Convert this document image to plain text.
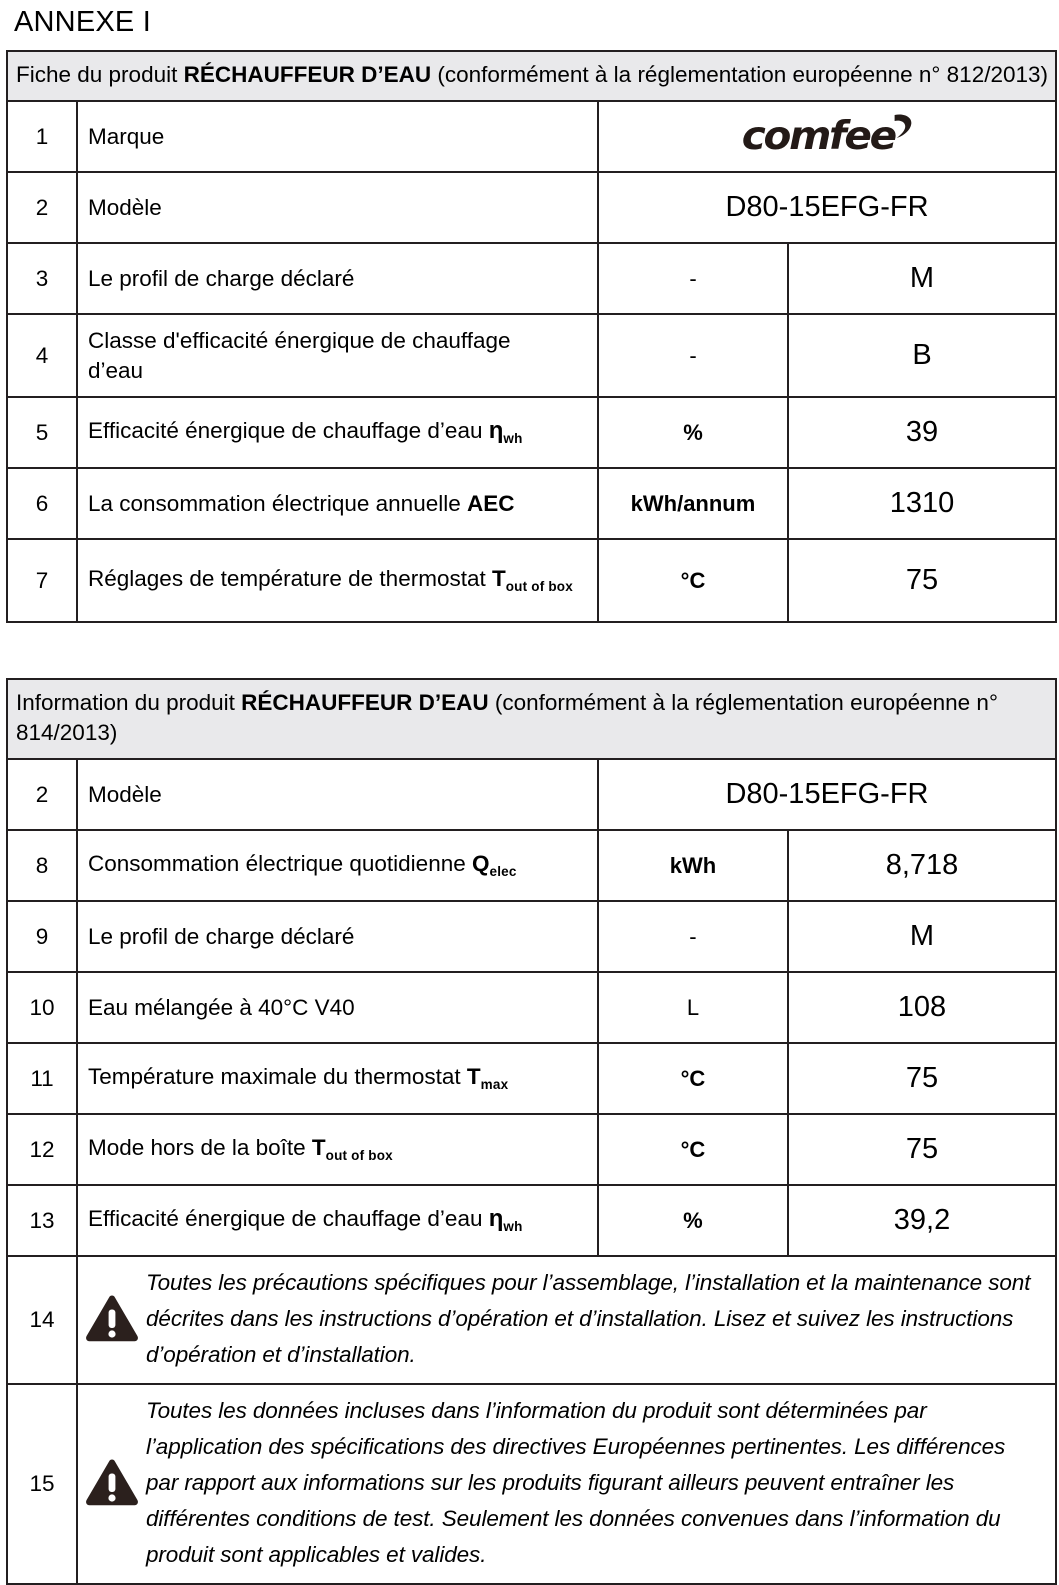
ANNEXE I
Fiche du produit RÉCHAUFFEUR D’EAU (conformément à la réglementation européenne n° 812/2013)			
1	Marque	comfee	

2	Modèle	D80-15EFG-FR	
3	Le profil de charge déclaré	-	M
4	Classe d'efficacité énergique de chauffage d’eau	-	B
5	Efficacité énergique de chauffage d’eau $ƞ_{wh}$	%	39
6	La consommation électrique annuelle AEC	kWh/annum	1310
7	Réglages de température de thermostat $T_{out of box}$	°C	75
Information du produit RÉCHAUFFEUR D’EAU (conformément à la réglementation européenne n° 814/2013)			
2	Modèle	D80-15EFG-FR	
8	Consommation électrique quotidienne $Q_{elec}$	kWh	8,718
9	Le profil de charge déclaré	-	M
10	Eau mélangée à 40°C V40	L	108
11	Température maximale du thermostat $T_{max}$	°C	75
12	Mode hors de la boîte $T_{out of box}$	°C	75
13	Efficacité énergique de chauffage d’eau $ƞ_{wh}$	%	39,2
14	Toutes les précautions spécifiques pour l’assemblage, l’installation et la maintenance sont décrites dans les instructions d’opération et d’installation. Lisez et suivez les instructions d’opération et d’installation.		

15	Toutes les données incluses dans l’information du produit sont déterminées par l’application des spécifications des directives Européennes pertinentes. Les différences par rapport aux informations sur les produits figurant ailleurs peuvent entraîner les différentes conditions de test. Seulement les données convenues dans l’information du produit sont applicables et valides.		
